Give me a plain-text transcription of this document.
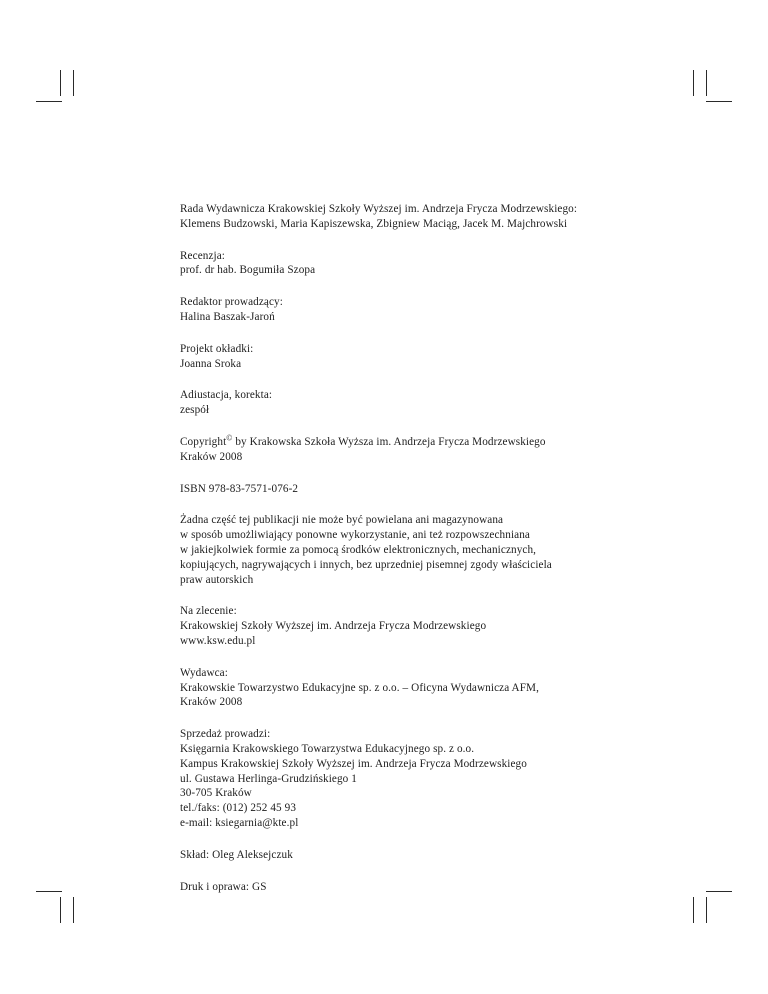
Rada Wydawnicza Krakowskiej Szkoły Wyższej im. Andrzeja Frycza Modrzewskiego:
Klemens Budzowski, Maria Kapiszewska, Zbigniew Maciąg, Jacek M. Majchrowski
Recenzja:
prof. dr hab. Bogumiła Szopa
Redaktor prowadzący:
Halina Baszak-Jaroń
Projekt okładki:
Joanna Sroka
Adiustacja, korekta:
zespół
Copyright© by Krakowska Szkoła Wyższa im. Andrzeja Frycza Modrzewskiego
Kraków 2008
ISBN 978-83-7571-076-2
Żadna część tej publikacji nie może być powielana ani magazynowana
w sposób umożliwiający ponowne wykorzystanie, ani też rozpowszechniana
w jakiejkolwiek formie za pomocą środków elektronicznych, mechanicznych,
kopiujących, nagrywających i innych, bez uprzedniej pisemnej zgody właściciela
praw autorskich
Na zlecenie:
Krakowskiej Szkoły Wyższej im. Andrzeja Frycza Modrzewskiego
www.ksw.edu.pl
Wydawca:
Krakowskie Towarzystwo Edukacyjne sp. z o.o. – Oficyna Wydawnicza AFM,
Kraków 2008
Sprzedaż prowadzi:
Księgarnia Krakowskiego Towarzystwa Edukacyjnego sp. z o.o.
Kampus Krakowskiej Szkoły Wyższej im. Andrzeja Frycza Modrzewskiego
ul. Gustawa Herlinga-Grudzińskiego 1
30-705 Kraków
tel./faks: (012) 252 45 93
e-mail: ksiegarnia@kte.pl
Skład: Oleg Aleksejczuk
Druk i oprawa: GS
